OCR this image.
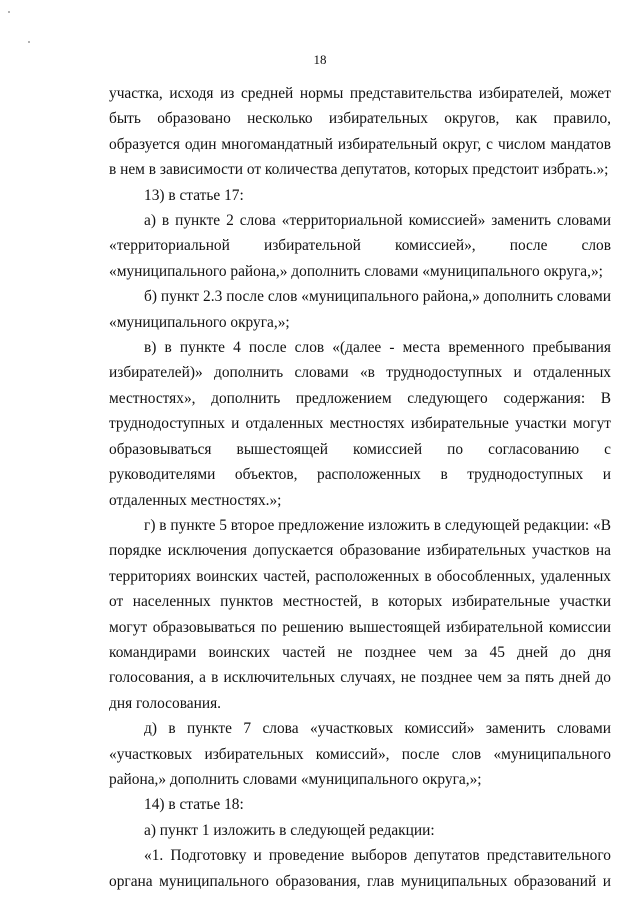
18

участка, исходя из средней нормы представительства избирателей, может быть образовано несколько избирательных округов, как правило, образуется один многомандатный избирательный округ, с числом мандатов в нем в зависимости от количества депутатов, которых предстоит избрать.»;

13) в статье 17:

а) в пункте 2 слова «территориальной комиссией» заменить словами «территориальной избирательной комиссией», после слов «муниципального района,» дополнить словами «муниципального округа,»;

б) пункт 2.3 после слов «муниципального района,» дополнить словами «муниципального округа,»;

в) в пункте 4 после слов «(далее - места временного пребывания избирателей)» дополнить словами «в труднодоступных и отдаленных местностях», дополнить предложением следующего содержания: В труднодоступных и отдаленных местностях избирательные участки могут образовываться вышестоящей комиссией по согласованию с руководителями объектов, расположенных в труднодоступных и отдаленных местностях.»;

г) в пункте 5 второе предложение изложить в следующей редакции: «В порядке исключения допускается образование избирательных участков на территориях воинских частей, расположенных в обособленных, удаленных от населенных пунктов местностей, в которых избирательные участки могут образовываться по решению вышестоящей избирательной комиссии командирами воинских частей не позднее чем за 45 дней до дня голосования, а в исключительных случаях, не позднее чем за пять дней до дня голосования.

д) в пункте 7 слова «участковых комиссий» заменить словами «участковых избирательных комиссий», после слов «муниципального района,» дополнить словами «муниципального округа,»;

14) в статье 18:

а) пункт 1 изложить в следующей редакции:

«1. Подготовку и проведение выборов депутатов представительного органа муниципального образования, глав муниципальных образований и
